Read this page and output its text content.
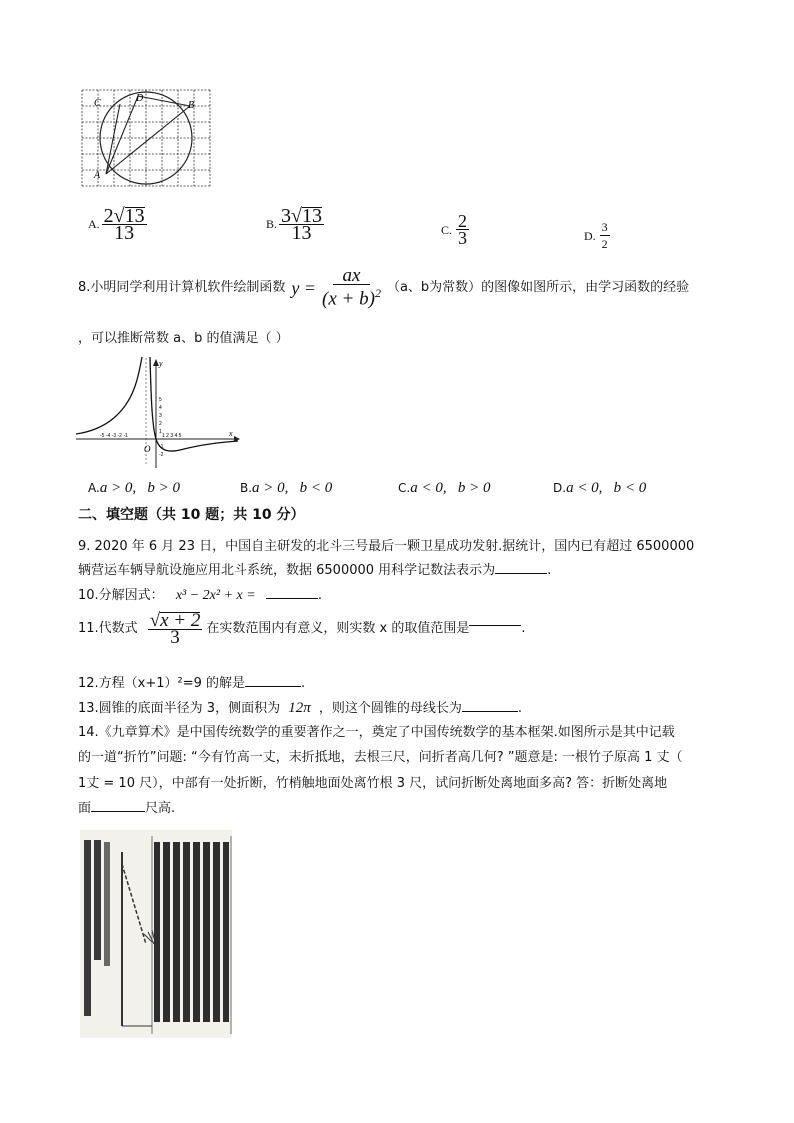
C	D
B
A
A. $\frac{2 √ 13}{13}$	B. $\frac{3 √ 13}{13}$	C. $\frac{2}{3}$	D. $\frac{3}{2}$
8.小明同学利用计算机软件绘制函数 $y = \frac{ax}{(x + b)^2} (a$、b为常数）的图像如图所示，由学习函数的经验
，可以推断常数 a、b 的值满足（ ）
y
x
O
-5 -4 -3 -2 -1	1 2 3 4 5
5
4
3
2
1
-1
-2
A.a > 0,   b > 0	B.a > 0,   b < 0	C.a < 0,   b > 0	D.a < 0,   b < 0
二、填空题（共 10 题；共 10 分）
9. 2020 年 6 月 23 日，中国自主研发的北斗三号最后一颗卫星成功发射.据统计，国内已有超过 6500000
辆营运车辆导航设施应用北斗系统，数据 6500000 用科学记数法表示为	.
10.分解因式： x³ − 2x² + x =	.
11.代数式 $\frac{√ x + 2}{3}$ 在实数范围内有意义，则实数 x 的取值范围是	.
12.方程（x+1）²=9 的解是	.
13.圆锥的底面半径为 3，侧面积为 12π ，则这个圆锥的母线长为	.
14.《九章算术》是中国传统数学的重要著作之一，奠定了中国传统数学的基本框架.如图所示是其中记载
的一道“折竹”问题: “今有竹高一丈，末折抵地，去根三尺，问折者高几何? ”题意是: 一根竹子原高 1 丈（
1丈 = 10 尺），中部有一处折断，竹梢触地面处离竹根 3 尺，试问折断处离地面多高? 答：折断处离地
面	尺高.
